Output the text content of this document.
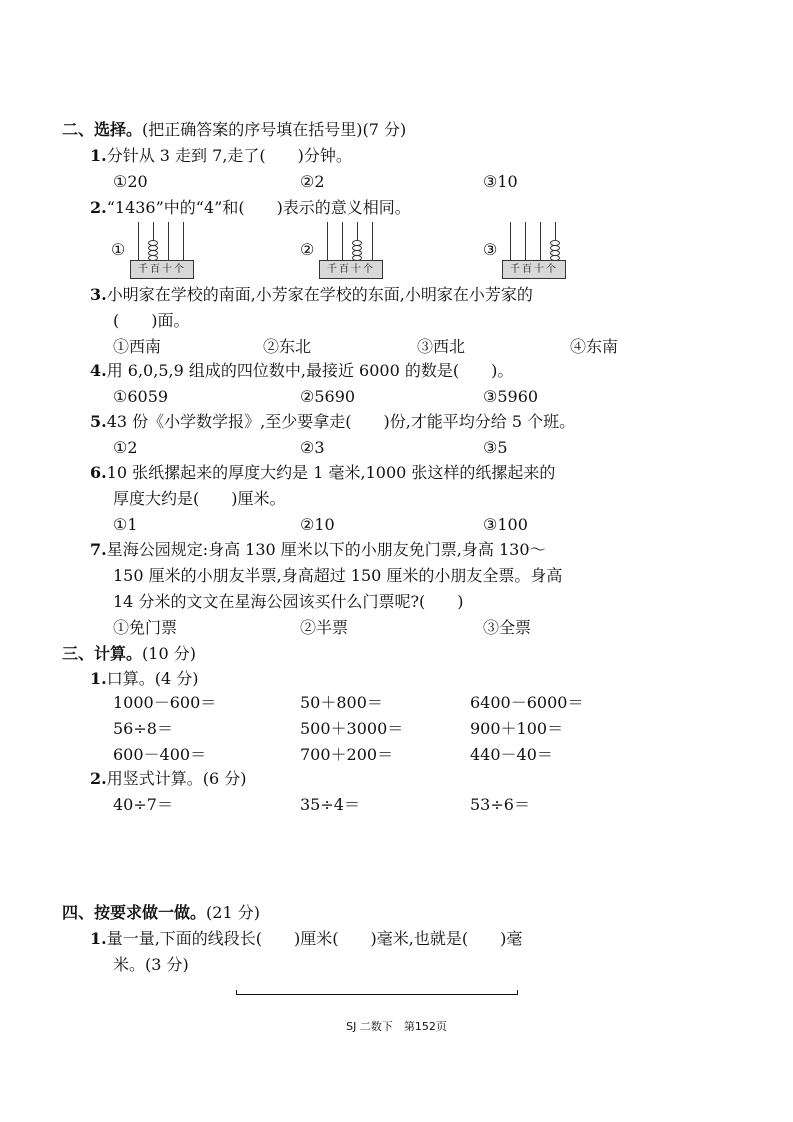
二、选择。(把正确答案的序号填在括号里)(7 分)
1.分针从 3 走到 7,走了(　　)分钟。
①20	②2	③10
2.“1436”中的“4”和(　　)表示的意义相同。
①
千百十个
②
千百十个
③
千百十个
3.小明家在学校的南面,小芳家在学校的东面,小明家在小芳家的
(　　)面。
①西南	②东北	③西北	④东南
4.用 6,0,5,9 组成的四位数中,最接近 6000 的数是(　　)。
①6059	②5690	③5960
5.43 份《小学数学报》,至少要拿走(　　)份,才能平均分给 5 个班。
①2	②3	③5
6.10 张纸摞起来的厚度大约是 1 毫米,1000 张这样的纸摞起来的
厚度大约是(　　)厘米。
①1	②10	③100
7.星海公园规定:身高 130 厘米以下的小朋友免门票,身高 130～
150 厘米的小朋友半票,身高超过 150 厘米的小朋友全票。身高
14 分米的文文在星海公园该买什么门票呢?(　　)
①免门票	②半票	③全票
三、计算。(10 分)
1.口算。(4 分)
1000－600＝	50＋800＝	6400－6000＝
56÷8＝	500＋3000＝	900＋100＝
600－400＝	700＋200＝	440－40＝
2.用竖式计算。(6 分)
40÷7＝	35÷4＝	53÷6＝
四、按要求做一做。(21 分)
1.量一量,下面的线段长(　　)厘米(　　)毫米,也就是(　　)毫
米。(3 分)
SJ 二数下　第152页
